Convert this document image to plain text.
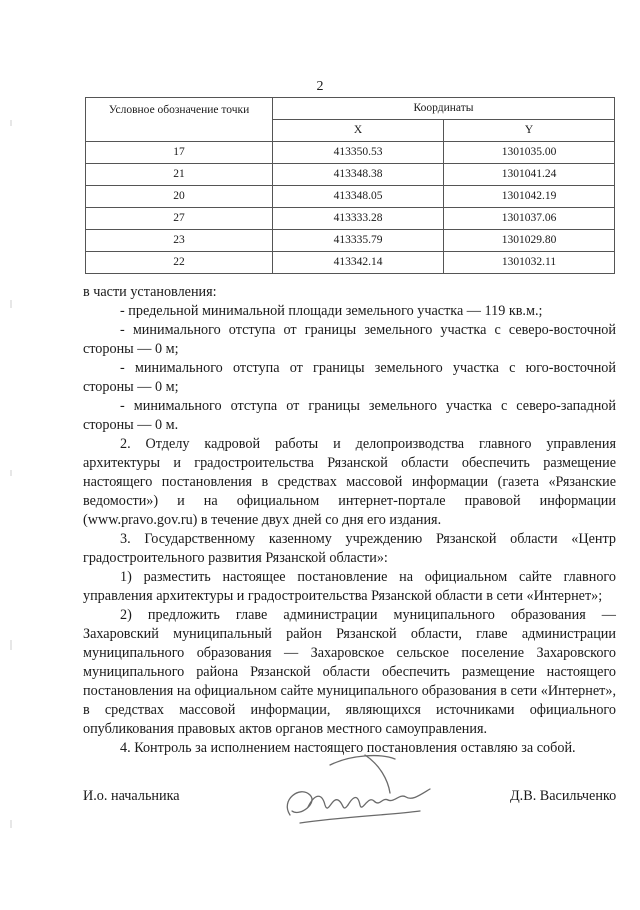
2
Условное обозначение точки	Координаты	
	X	Y
17	413350.53	1301035.00
21	413348.38	1301041.24
20	413348.05	1301042.19
27	413333.28	1301037.06
23	413335.79	1301029.80
22	413342.14	1301032.11

в части установления:

- предельной минимальной площади земельного участка — 119 кв.м.;

- минимального отступа от границы земельного участка с северо-восточной стороны — 0 м;

- минимального отступа от границы земельного участка с юго-восточной стороны — 0 м;

- минимального отступа от границы земельного участка с северо-западной стороны — 0 м.

2. Отделу кадровой работы и делопроизводства главного управления архитектуры и градостроительства Рязанской области обеспечить размещение настоящего постановления в средствах массовой информации (газета «Рязанские ведомости») и на официальном интернет-портале правовой информации (www.pravo.gov.ru) в течение двух дней со дня его издания.

3. Государственному казенному учреждению Рязанской области «Центр градостроительного развития Рязанской области»:

1) разместить настоящее постановление на официальном сайте главного управления архитектуры и градостроительства Рязанской области в сети «Интернет»;

2) предложить главе администрации муниципального образования — Захаровский муниципальный район Рязанской области, главе администрации муниципального образования — Захаровское сельское поселение Захаровского муниципального района Рязанской области обеспечить размещение настоящего постановления на официальном сайте муниципального образования в сети «Интернет», в средствах массовой информации, являющихся источниками официального опубликования правовых актов органов местного самоуправления.

4. Контроль за исполнением настоящего постановления оставляю за собой.

И.о. начальника	Д.В. Васильченко
